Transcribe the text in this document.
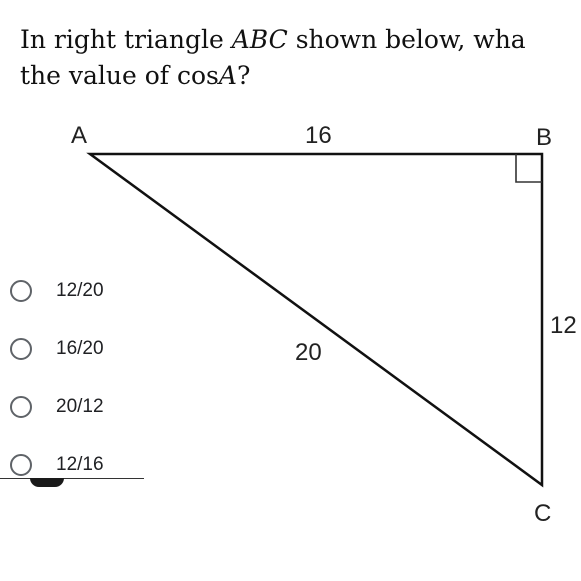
In right triangle ABC shown below, wha
the value of cosA?
A	B
C
16
20
12
12/20
16/20
20/12
12/16
